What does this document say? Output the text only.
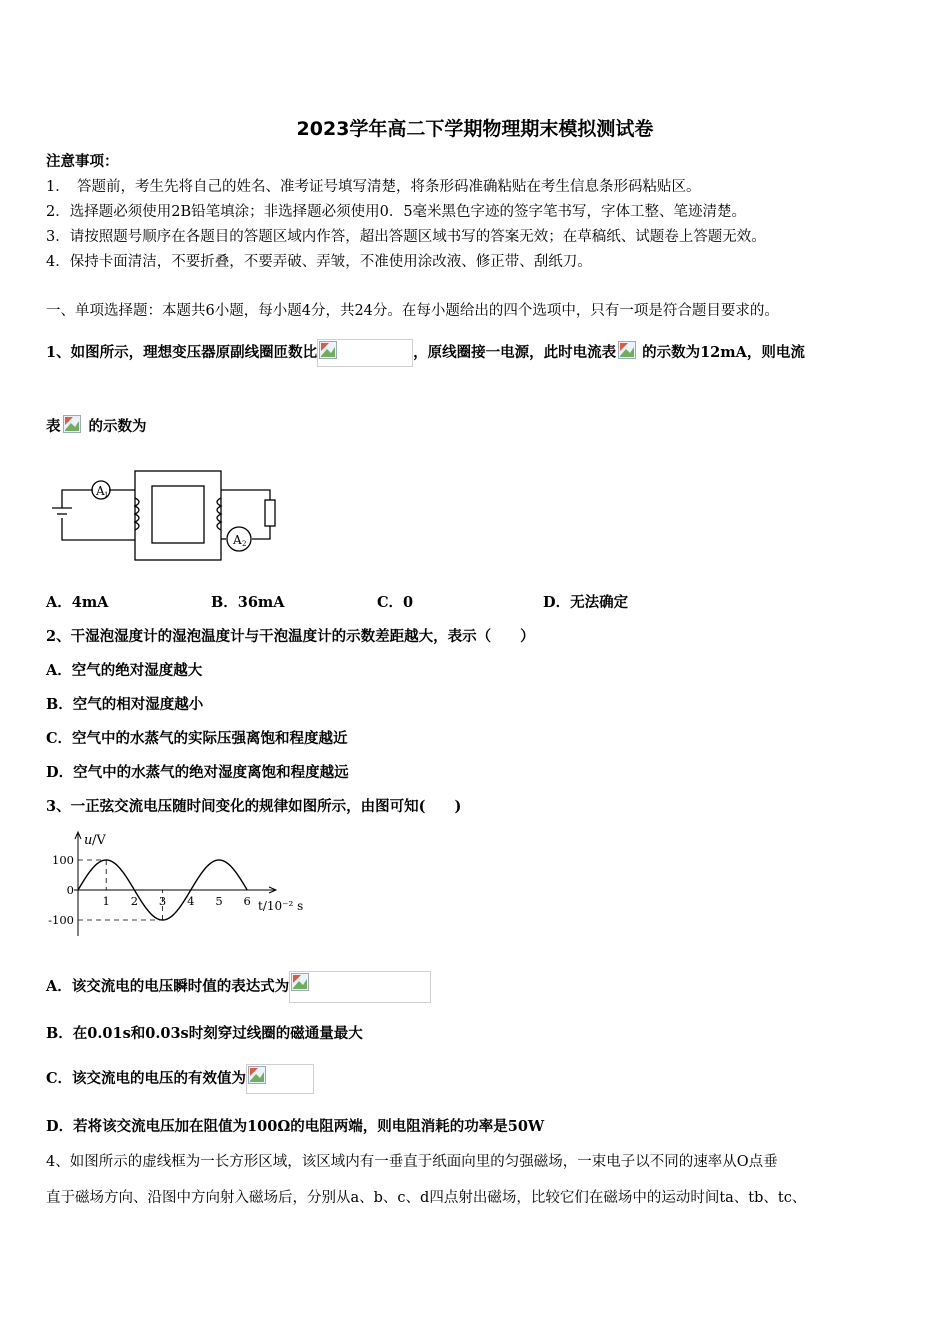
2023学年高二下学期物理期末模拟测试卷
注意事项：
1．　答题前，考生先将自己的姓名、准考证号填写清楚，将条形码准确粘贴在考生信息条形码粘贴区。
2．选择题必须使用2B铅笔填涂；非选择题必须使用0．5毫米黑色字迹的签字笔书写，字体工整、笔迹清楚。
3．请按照题号顺序在各题目的答题区域内作答，超出答题区域书写的答案无效；在草稿纸、试题卷上答题无效。
4．保持卡面清洁，不要折叠，不要弄破、弄皱，不准使用涂改液、修正带、刮纸刀。
一、单项选择题：本题共6小题，每小题4分，共24分。在每小题给出的四个选项中，只有一项是符合题目要求的。
1、如图所示，理想变压器原副线圈匝数比	，原线圈接一电源，此时电流表 的示数为12mA，则电流
表 的示数为
A 1
A 2
A．4mA	B．36mA	C．0	D．无法确定
2、干湿泡湿度计的湿泡温度计与干泡温度计的示数差距越大，表示（　　）
A．空气的绝对湿度越大
B．空气的相对湿度越小
C．空气中的水蒸气的实际压强离饱和程度越近
D．空气中的水蒸气的绝对湿度离饱和程度越远
3、一正弦交流电压随时间变化的规律如图所示，由图可知(　　)
100
0
-100
1 2 3 4 5 6
u /V
t/10⁻² s
A．该交流电的电压瞬时值的表达式为
B．在0.01s和0.03s时刻穿过线圈的磁通量最大
C．该交流电的电压的有效值为
D．若将该交流电压加在阻值为100Ω的电阻两端，则电阻消耗的功率是50W
4、如图所示的虚线框为一长方形区域，该区域内有一垂直于纸面向里的匀强磁场，一束电子以不同的速率从O点垂
直于磁场方向、沿图中方向射入磁场后，分别从a、b、c、d四点射出磁场，比较它们在磁场中的运动时间ta、tb、tc、
